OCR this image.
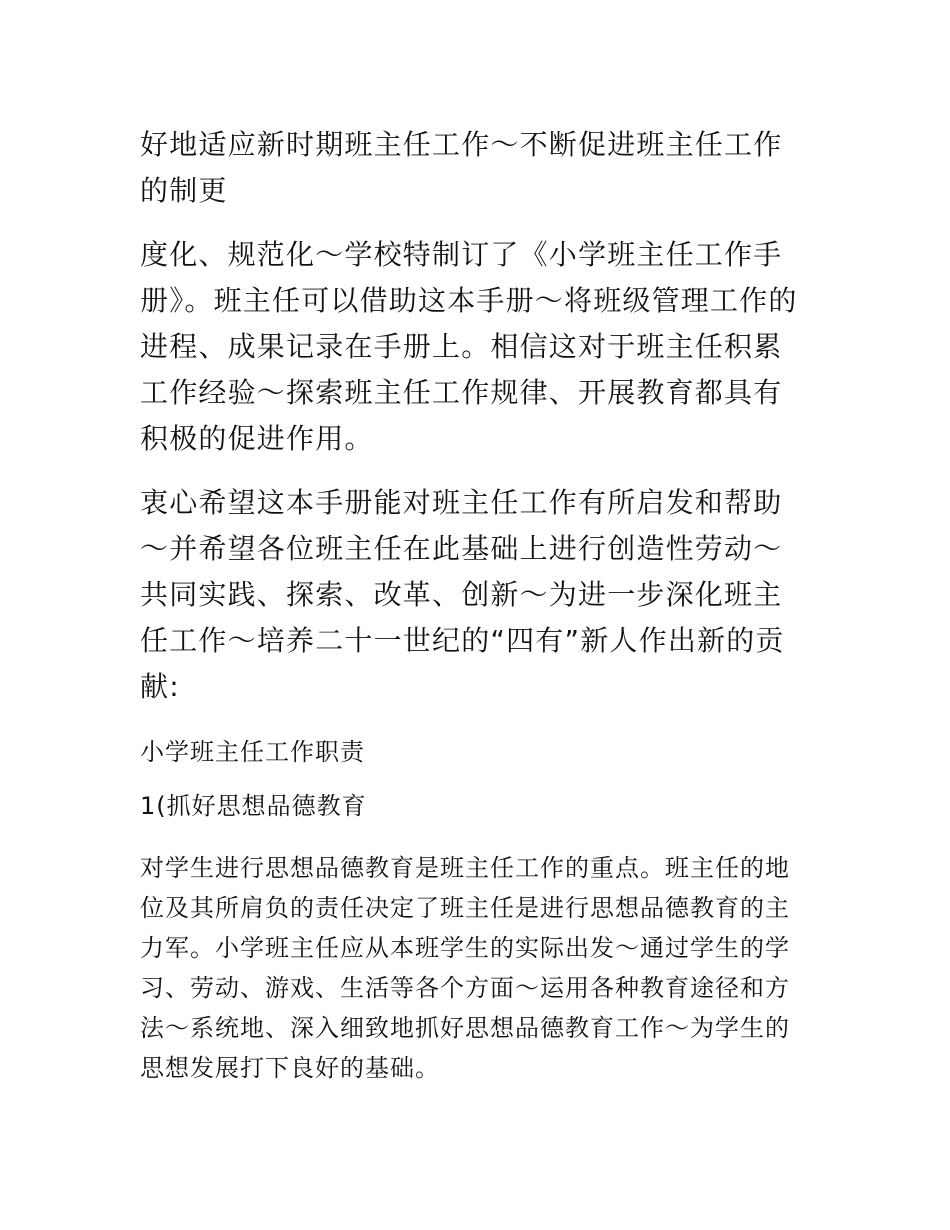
好地适应新时期班主任工作～不断促进班主任工作的制更

度化、规范化～学校特制订了《小学班主任工作手册》。班主任可以借助这本手册～将班级管理工作的进程、成果记录在手册上。相信这对于班主任积累工作经验～探索班主任工作规律、开展教育都具有积极的促进作用。

衷心希望这本手册能对班主任工作有所启发和帮助～并希望各位班主任在此基础上进行创造性劳动～共同实践、探索、改革、创新～为进一步深化班主任工作～培养二十一世纪的“四有”新人作出新的贡献:

小学班主任工作职责

1(抓好思想品德教育

对学生进行思想品德教育是班主任工作的重点。班主任的地位及其所肩负的责任决定了班主任是进行思想品德教育的主力军。小学班主任应从本班学生的实际出发～通过学生的学习、劳动、游戏、生活等各个方面～运用各种教育途径和方法～系统地、深入细致地抓好思想品德教育工作～为学生的思想发展打下良好的基础。
